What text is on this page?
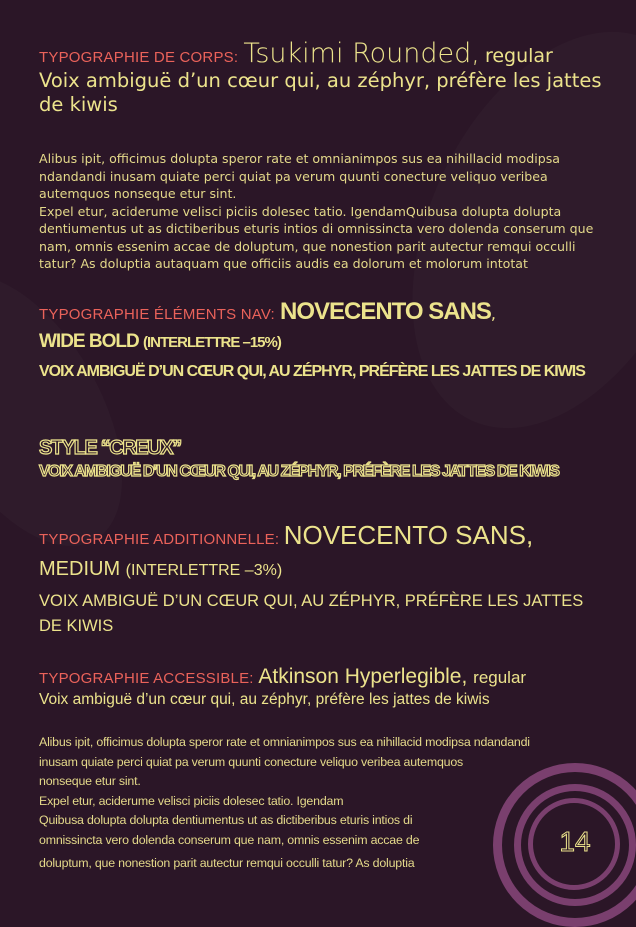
TYPOGRAPHIE DE CORPS: Tsukimi Rounded, regular

Voix ambiguë d’un cœur qui, au zéphyr, préfère les jattes de kiwis

Alibus ipit, officimus dolupta speror rate et omnianimpos sus ea nihillacid modipsa ndandandi inusam quiate perci quiat pa verum quunti conecture veliquo veribea autemquos nonseque etur sint.

Expel etur, aciderume velisci piciis dolesec tatio. IgendamQuibusa dolupta dolupta dentiumentus ut as dictiberibus eturis intios di omnissincta vero dolenda conserum que nam, omnis essenim accae de doluptum, que nonestion parit autectur remqui occulli tatur? As doluptia autaquam que officiis audis ea dolorum et molorum intotat

TYPOGRAPHIE ÉLÉMENTS NAV: NOVECENTO SANS,

WIDE BOLD (INTERLETTRE –15%)

VOIX AMBIGUË D’UN CŒUR QUI, AU ZÉPHYR, PRÉFÈRE LES JATTES DE KIWIS

STYLE “CREUX”

VOIX AMBIGUË D’UN CŒUR QUI, AU ZÉPHYR, PRÉFÈRE LES JATTES DE KIWIS

TYPOGRAPHIE ADDITIONNELLE: NOVECENTO SANS,

MEDIUM (INTERLETTRE –3%)

VOIX AMBIGUË D’UN CŒUR QUI, AU ZÉPHYR, PRÉFÈRE LES JATTES DE KIWIS

TYPOGRAPHIE ACCESSIBLE: Atkinson Hyperlegible, regular

Voix ambiguë d’un cœur qui, au zéphyr, préfère les jattes de kiwis

Alibus ipit, officimus dolupta speror rate et omnianimpos sus ea nihillacid modipsa ndandandi
inusam quiate perci quiat pa verum quunti conecture veliquo veribea autemquos
nonseque etur sint.
Expel etur, aciderume velisci piciis dolesec tatio. Igendam
Quibusa dolupta dolupta dentiumentus ut as dictiberibus eturis intios di
omnissincta vero dolenda conserum que nam, omnis essenim accae de
doluptum, que nonestion parit autectur remqui occulli tatur? As doluptia
14
